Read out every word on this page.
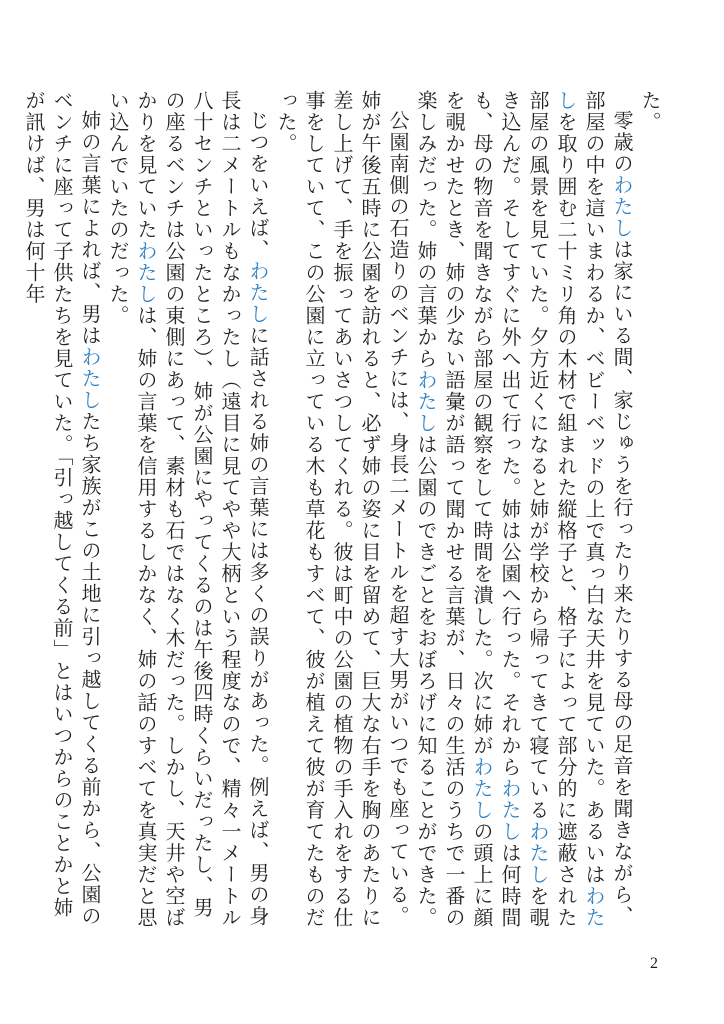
た。

零歳のわたしは家にいる間、家じゅうを行ったり来たりする母の足音を聞きながら、部屋の中を這いまわるか、ベビーベッドの上で真っ白な天井を見ていた。あるいはわたしを取り囲む二十ミリ角の木材で組まれた縦格子と、格子によって部分的に遮蔽された部屋の風景を見ていた。夕方近くになると姉が学校から帰ってきて寝ているわたしを覗き込んだ。そしてすぐに外へ出て行った。姉は公園へ行った。それからわたしは何時間も、母の物音を聞きながら部屋の観察をして時間を潰した。次に姉がわたしの頭上に顔を覗かせたとき、姉の少ない語彙が語って聞かせる言葉が、日々の生活のうちで一番の楽しみだった。姉の言葉からわたしは公園のできごとをおぼろげに知ることができた。

公園南側の石造りのベンチには、身長二メートルを超す大男がいつでも座っている。姉が午後五時に公園を訪れると、必ず姉の姿に目を留めて、巨大な右手を胸のあたりに差し上げて、手を振ってあいさつしてくれる。彼は町中の公園の植物の手入れをする仕事をしていて、この公園に立っている木も草花もすべて、彼が植えて彼が育てたものだった。

じつをいえば、わたしに話される姉の言葉には多くの誤りがあった。例えば、男の身長は二メートルもなかったし（遠目に見てやや大柄という程度なので、精々一メートル八十センチといったところ）、姉が公園にやってくるのは午後四時くらいだったし、男の座るベンチは公園の東側にあって、素材も石ではなく木だった。しかし、天井や空ばかりを見ていたわたしは、姉の言葉を信用するしかなく、姉の話のすべてを真実だと思い込んでいたのだった。

姉の言葉によれば、男はわたしたち家族がこの土地に引っ越してくる前から、公園のベンチに座って子供たちを見ていた。「引っ越してくる前」とはいつからのことかと姉が訊けば、男は何十年

2
